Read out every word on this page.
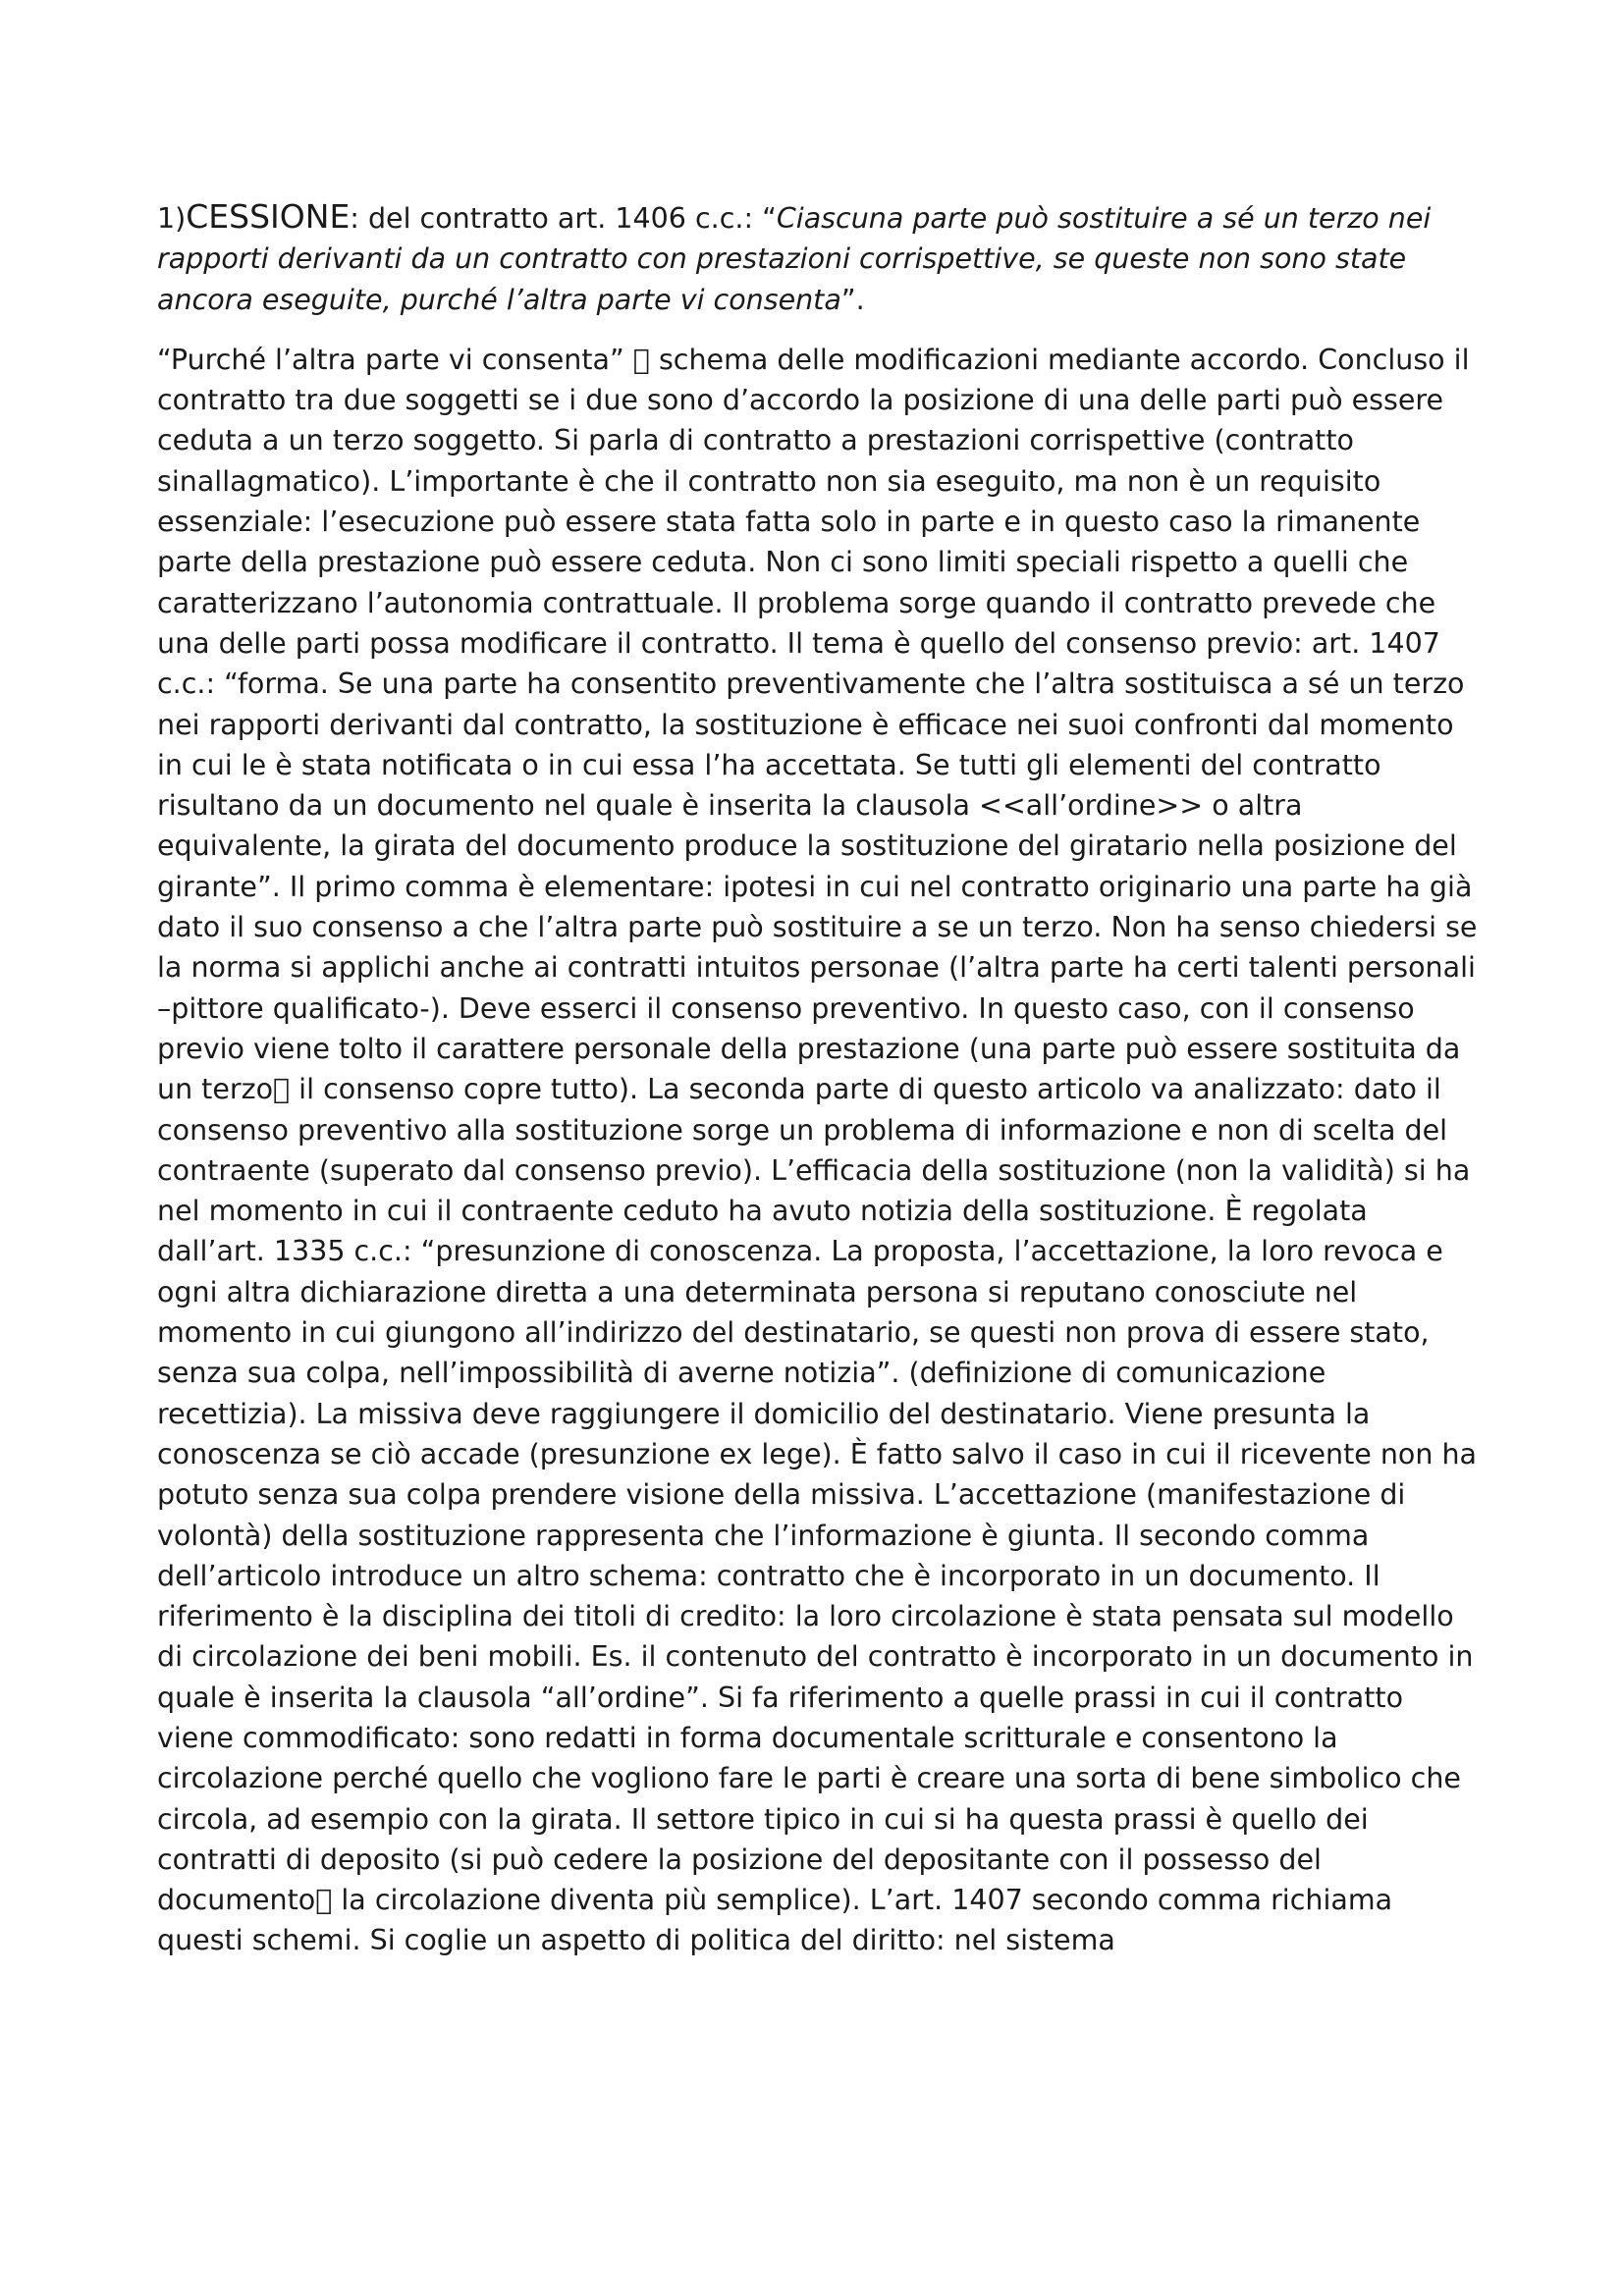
1)CESSIONE: del contratto art. 1406 c.c.: “Ciascuna parte può sostituire a sé un terzo nei rapporti derivanti da un contratto con prestazioni corrispettive, se queste non sono state ancora eseguite, purché l’altra parte vi consenta”.

“Purché l’altra parte vi consenta” schema delle modificazioni mediante accordo. Concluso il contratto tra due soggetti se i due sono d’accordo la posizione di una delle parti può essere ceduta a un terzo soggetto. Si parla di contratto a prestazioni corrispettive (contratto sinallagmatico). L’importante è che il contratto non sia eseguito, ma non è un requisito essenziale: l’esecuzione può essere stata fatta solo in parte e in questo caso la rimanente parte della prestazione può essere ceduta. Non ci sono limiti speciali rispetto a quelli che caratterizzano l’autonomia contrattuale. Il problema sorge quando il contratto prevede che una delle parti possa modificare il contratto. Il tema è quello del consenso previo: art. 1407 c.c.: “forma. Se una parte ha consentito preventivamente che l’altra sostituisca a sé un terzo nei rapporti derivanti dal contratto, la sostituzione è efficace nei suoi confronti dal momento in cui le è stata notificata o in cui essa l’ha accettata. Se tutti gli elementi del contratto risultano da un documento nel quale è inserita la clausola <<all’ordine>> o altra equivalente, la girata del documento produce la sostituzione del giratario nella posizione del girante”. Il primo comma è elementare: ipotesi in cui nel contratto originario una parte ha già dato il suo consenso a che l’altra parte può sostituire a se un terzo. Non ha senso chiedersi se la norma si applichi anche ai contratti intuitos personae (l’altra parte ha certi talenti personali –pittore qualificato-). Deve esserci il consenso preventivo. In questo caso, con il consenso previo viene tolto il carattere personale della prestazione (una parte può essere sostituita da un terzo il consenso copre tutto). La seconda parte di questo articolo va analizzato: dato il consenso preventivo alla sostituzione sorge un problema di informazione e non di scelta del contraente (superato dal consenso previo). L’efficacia della sostituzione (non la validità) si ha nel momento in cui il contraente ceduto ha avuto notizia della sostituzione. È regolata dall’art. 1335 c.c.: “presunzione di conoscenza. La proposta, l’accettazione, la loro revoca e ogni altra dichiarazione diretta a una determinata persona si reputano conosciute nel momento in cui giungono all’indirizzo del destinatario, se questi non prova di essere stato, senza sua colpa, nell’impossibilità di averne notizia”. (definizione di comunicazione recettizia). La missiva deve raggiungere il domicilio del destinatario. Viene presunta la conoscenza se ciò accade (presunzione ex lege). È fatto salvo il caso in cui il ricevente non ha potuto senza sua colpa prendere visione della missiva. L’accettazione (manifestazione di volontà) della sostituzione rappresenta che l’informazione è giunta. Il secondo comma dell’articolo introduce un altro schema: contratto che è incorporato in un documento. Il riferimento è la disciplina dei titoli di credito: la loro circolazione è stata pensata sul modello di circolazione dei beni mobili. Es. il contenuto del contratto è incorporato in un documento in quale è inserita la clausola “all’ordine”. Si fa riferimento a quelle prassi in cui il contratto viene commodificato: sono redatti in forma documentale scritturale e consentono la circolazione perché quello che vogliono fare le parti è creare una sorta di bene simbolico che circola, ad esempio con la girata. Il settore tipico in cui si ha questa prassi è quello dei contratti di deposito (si può cedere la posizione del depositante con il possesso del documento la circolazione diventa più semplice). L’art. 1407 secondo comma richiama questi schemi. Si coglie un aspetto di politica del diritto: nel sistema
